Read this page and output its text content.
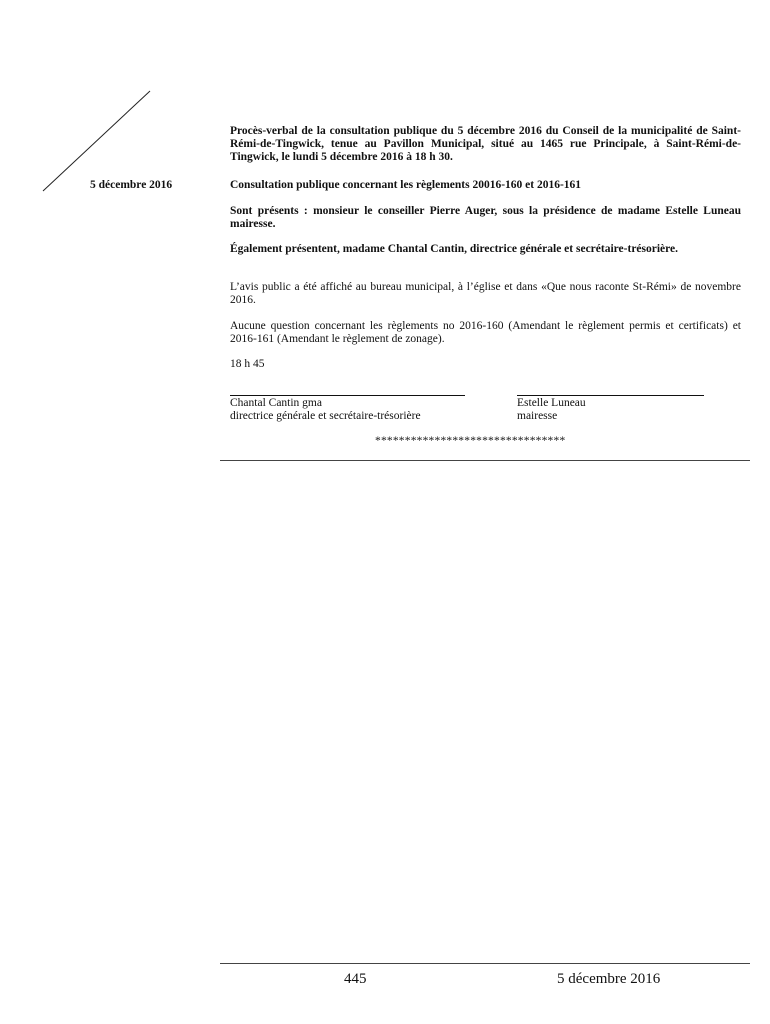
5 décembre 2016

Procès-verbal de la consultation publique du 5 décembre 2016 du Conseil de la municipalité de Saint-Rémi-de-Tingwick, tenue au Pavillon Municipal, situé au 1465 rue Principale, à Saint-Rémi-de-Tingwick, le lundi 5 décembre 2016 à 18 h 30.

Consultation publique concernant les règlements 20016-160 et 2016-161

Sont présents : monsieur le conseiller Pierre Auger, sous la présidence de madame Estelle Luneau mairesse.

Également présentent, madame Chantal Cantin, directrice générale et secrétaire-trésorière.

L’avis public a été affiché au bureau municipal, à l’église et dans «Que nous raconte St-Rémi» de novembre 2016.

Aucune question concernant les règlements no 2016-160 (Amendant le règlement permis et certificats) et 2016-161 (Amendant le règlement de zonage).

18 h 45

Chantal Cantin gma
directrice générale et secrétaire-trésorière
Estelle Luneau
mairesse
********************************
445	5 décembre 2016
